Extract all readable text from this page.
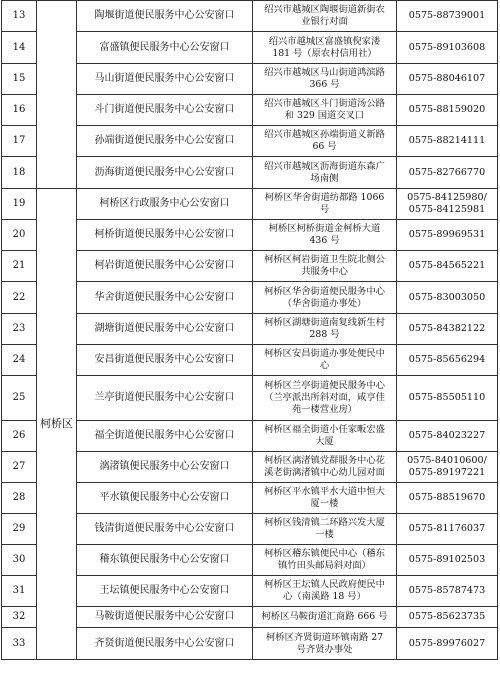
13		陶堰街道便民服务中心公安窗口	绍兴市越城区陶堰街道新街农
业银行对面	0575-88739001

14		富盛镇便民服务中心公安窗口	绍兴市越城区富盛镇倪家溇
181 号（原农村信用社）	0575-89103608

15		马山街道便民服务中心公安窗口	绍兴市越城区马山街道鸿滨路
366 号	0575-88046107

16		斗门街道便民服务中心公安窗口	绍兴市越城区斗门街道汤公路
和 329 国道交叉口	0575-88159020

17		孙端街道便民服务中心公安窗口	绍兴市越城区孙端街道义新路
66 号	0575-88214111

18		沥海街道便民服务中心公安窗口	绍兴市越城区沥海街道东森广
场南侧	0575-82766770

19	柯桥区	柯桥区行政服务中心公安窗口	柯桥区华舍街道纺都路 1066
号	0575-84125980/
0575-84125981

20		柯桥街道便民服务中心公安窗口	柯桥区柯桥街道金柯桥大道
436 号	0575-89969531

21		柯岩街道便民服务中心公安窗口	柯桥区柯岩街道卫生院北侧公
共服务中心	0575-84565221

22		华舍街道便民服务中心公安窗口	柯桥区华舍街道便民服务中心
（华舍街道办事处）	0575-83003050

23		湖塘街道便民服务中心公安窗口	柯桥区湖塘街道南复线新生村
288 号	0575-84382122

24		安昌街道便民服务中心公安窗口	柯桥区安昌街道办事处便民中
心	0575-85656294

25		兰亭街道便民服务中心公安窗口	柯桥区兰亭街道便民服务中心
（兰亭派出所斜对面，咸亨佳
苑一楼营业房）	0575-85505110

26		福全街道便民服务中心公安窗口	柯桥区福全街道小任家畈宏盛
大厦	0575-84023227

27		漓渚镇便民服务中心公安窗口	柯桥区漓渚镇党群服务中心花
溪老街漓渚镇中心幼儿园对面	0575-84010600/
0575-89197221

28		平水镇便民服务中心公安窗口	柯桥区平水镇平水大道中恒大
厦一楼	0575-88519670

29		钱清街道便民服务中心公安窗口	柯桥区钱清镇二环路兴发大厦
一楼	0575-81176037

30		稽东镇便民服务中心公安窗口	柯桥区稽东镇便民中心（稽东
镇竹田头邮局斜对面）	0575-89102503

31		王坛镇便民服务中心公安窗口	柯桥区王坛镇人民政府便民中
心（南溪路 18 号）	0575-85787473

32		马鞍街道便民服务中心公安窗口	柯桥区马鞍街道汇商路 666 号	0575-85623735

33		齐贤街道便民服务中心公安窗口	柯桥区齐贤街道环镇南路 27
号齐贤办事处	0575-89976027
